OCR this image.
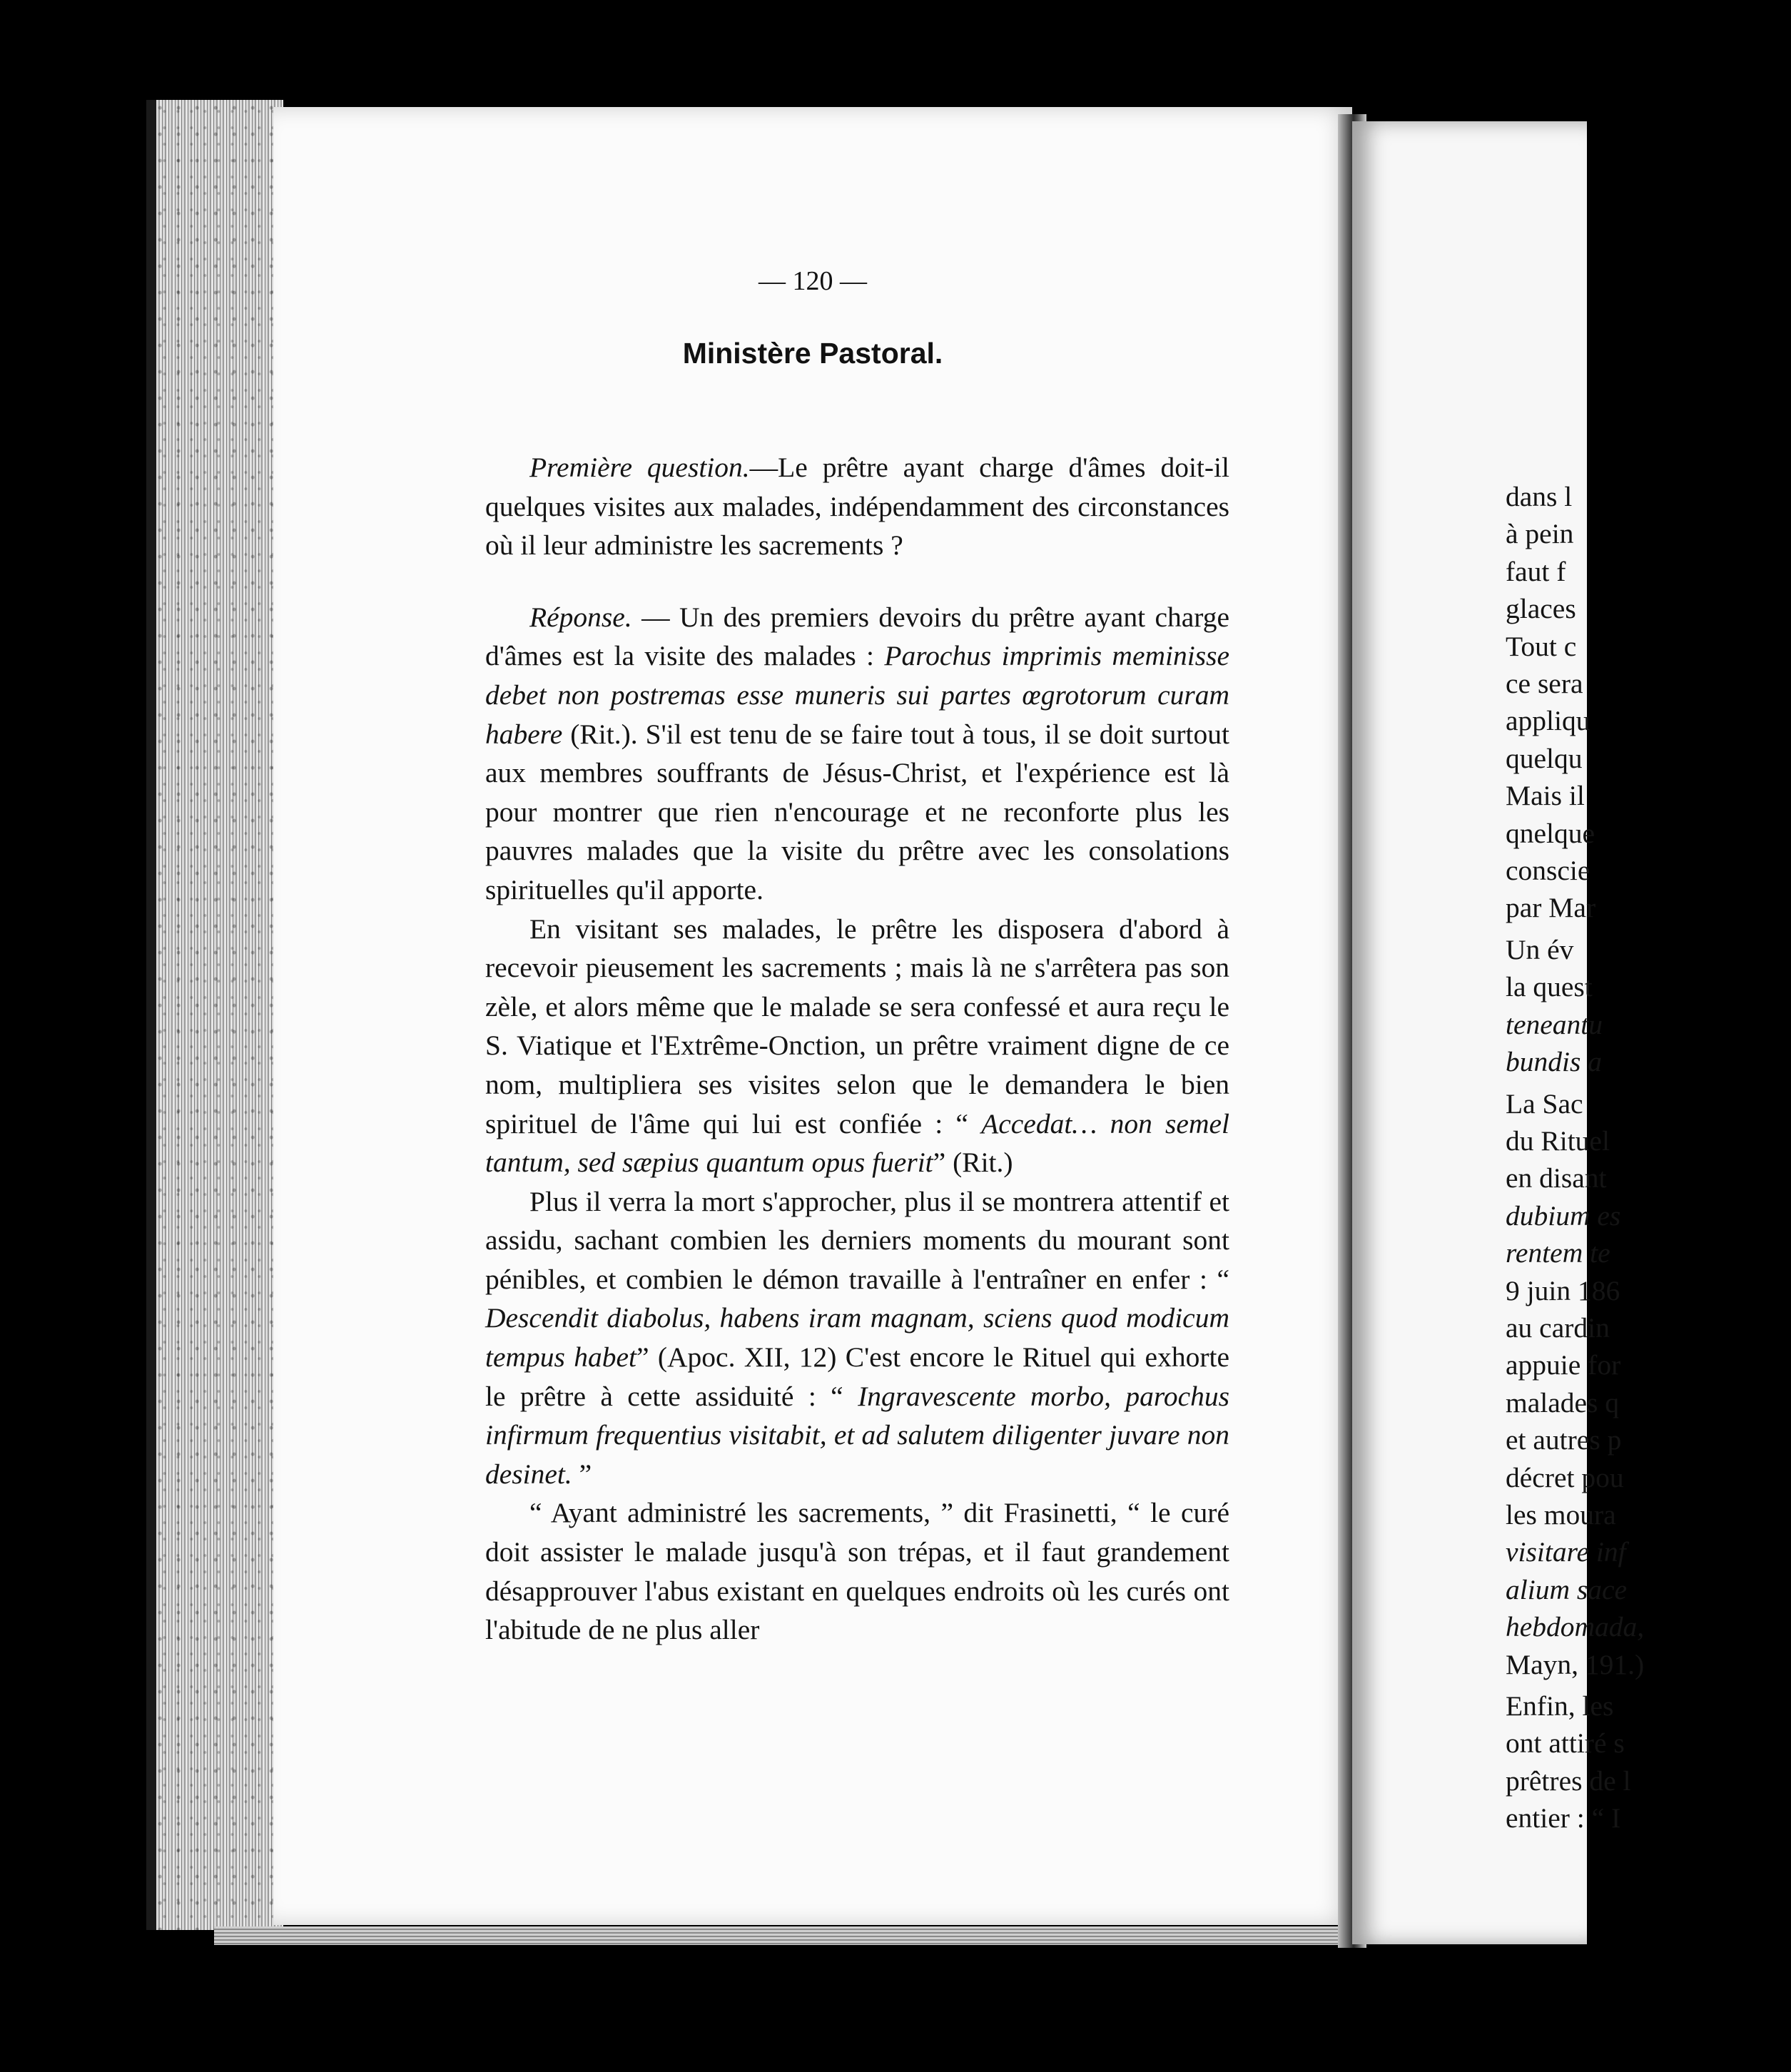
— 120 —
Ministère Pastoral.

Première question.—Le prêtre ayant charge d'âmes doit-il quelques visites aux malades, indépendamment des circonstances où il leur administre les sacrements ?

Réponse. — Un des premiers devoirs du prêtre ayant charge d'âmes est la visite des malades : Parochus imprimis meminisse debet non postremas esse muneris sui partes œgrotorum curam habere (Rit.). S'il est tenu de se faire tout à tous, il se doit surtout aux membres souffrants de Jésus-Christ, et l'expérience est là pour montrer que rien n'encourage et ne reconforte plus les pauvres malades que la visite du prêtre avec les consolations spirituelles qu'il apporte.

En visitant ses malades, le prêtre les disposera d'abord à recevoir pieusement les sacrements ; mais là ne s'arrêtera pas son zèle, et alors même que le malade se sera confessé et aura reçu le S. Viatique et l'Extrême-Onction, un prêtre vraiment digne de ce nom, multipliera ses visites selon que le demandera le bien spirituel de l'âme qui lui est confiée : “ Accedat… non semel tantum, sed sæpius quantum opus fuerit” (Rit.)

Plus il verra la mort s'approcher, plus il se montrera attentif et assidu, sachant combien les derniers moments du mourant sont pénibles, et combien le démon travaille à l'entraîner en enfer : “ Descendit diabolus, habens iram magnam, sciens quod modicum tempus habet” (Apoc. XII, 12) C'est encore le Rituel qui exhorte le prêtre à cette assiduité : “ Ingravescente morbo, parochus infirmum frequentius visitabit, et ad salutem diligenter juvare non desinet. ”

“ Ayant administré les sacrements, ” dit Frasinetti, “ le curé doit assister le malade jusqu'à son trépas, et il faut grandement désapprouver l'abus existant en quelques endroits où les curés ont l'abitude de ne plus aller

dans l
à pein
faut f
glaces
Tout c
ce sera
appliqu
quelqu
Mais il
qnelque
conscie
par Mar
Un év
la quest
teneantu
bundis a
La Sac
du Rituel
en disant
dubium es
rentem te
9 juin 186
au cardin
appuie for
malades q
et autres p
décret pou
les moura
visitare inf
alium sace
hebdomada,
Mayn, 191.)
Enfin, les
ont attiré s
prêtres de l
entier : “ I
